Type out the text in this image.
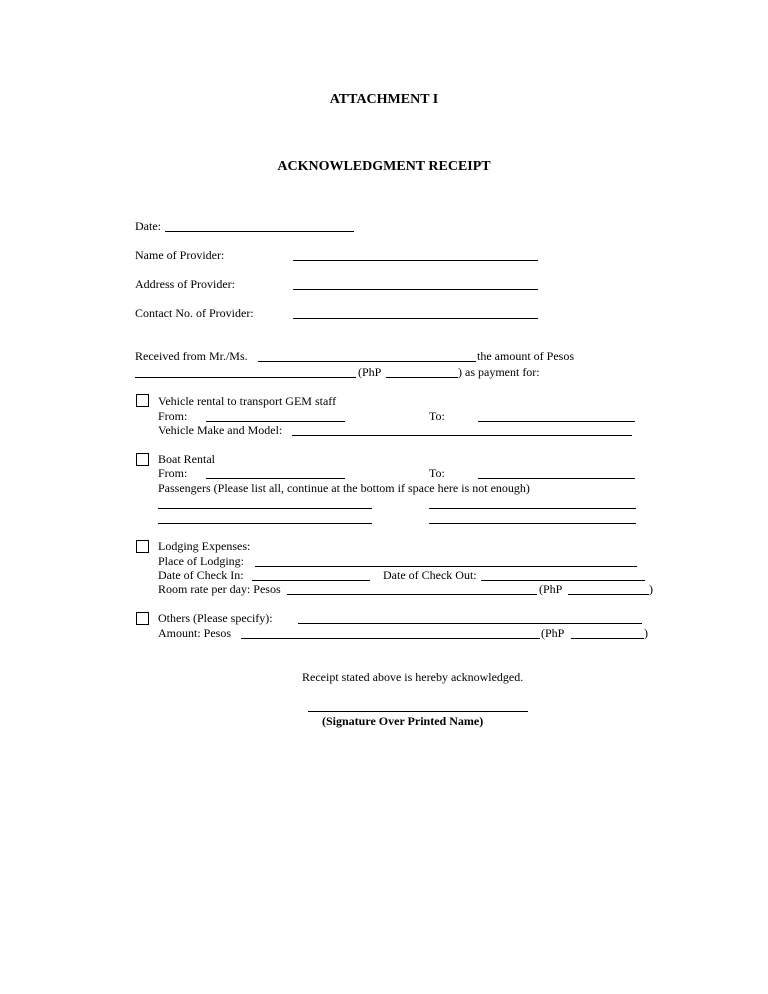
ATTACHMENT I
ACKNOWLEDGMENT RECEIPT
Date:
Name of Provider:
Address of Provider:
Contact No. of Provider:
Received from Mr./Ms.	the amount of Pesos
(PhP	) as payment for:
Vehicle rental to transport GEM staff
From:	To:
Vehicle Make and Model:
Boat Rental
From:	To:
Passengers (Please list all, continue at the bottom if space here is not enough)
Lodging Expenses:
Place of Lodging:
Date of Check In:	Date of Check Out:
Room rate per day: Pesos	(PhP	)
Others (Please specify):
Amount: Pesos	(PhP	)
Receipt stated above is hereby acknowledged.
(Signature Over Printed Name)
